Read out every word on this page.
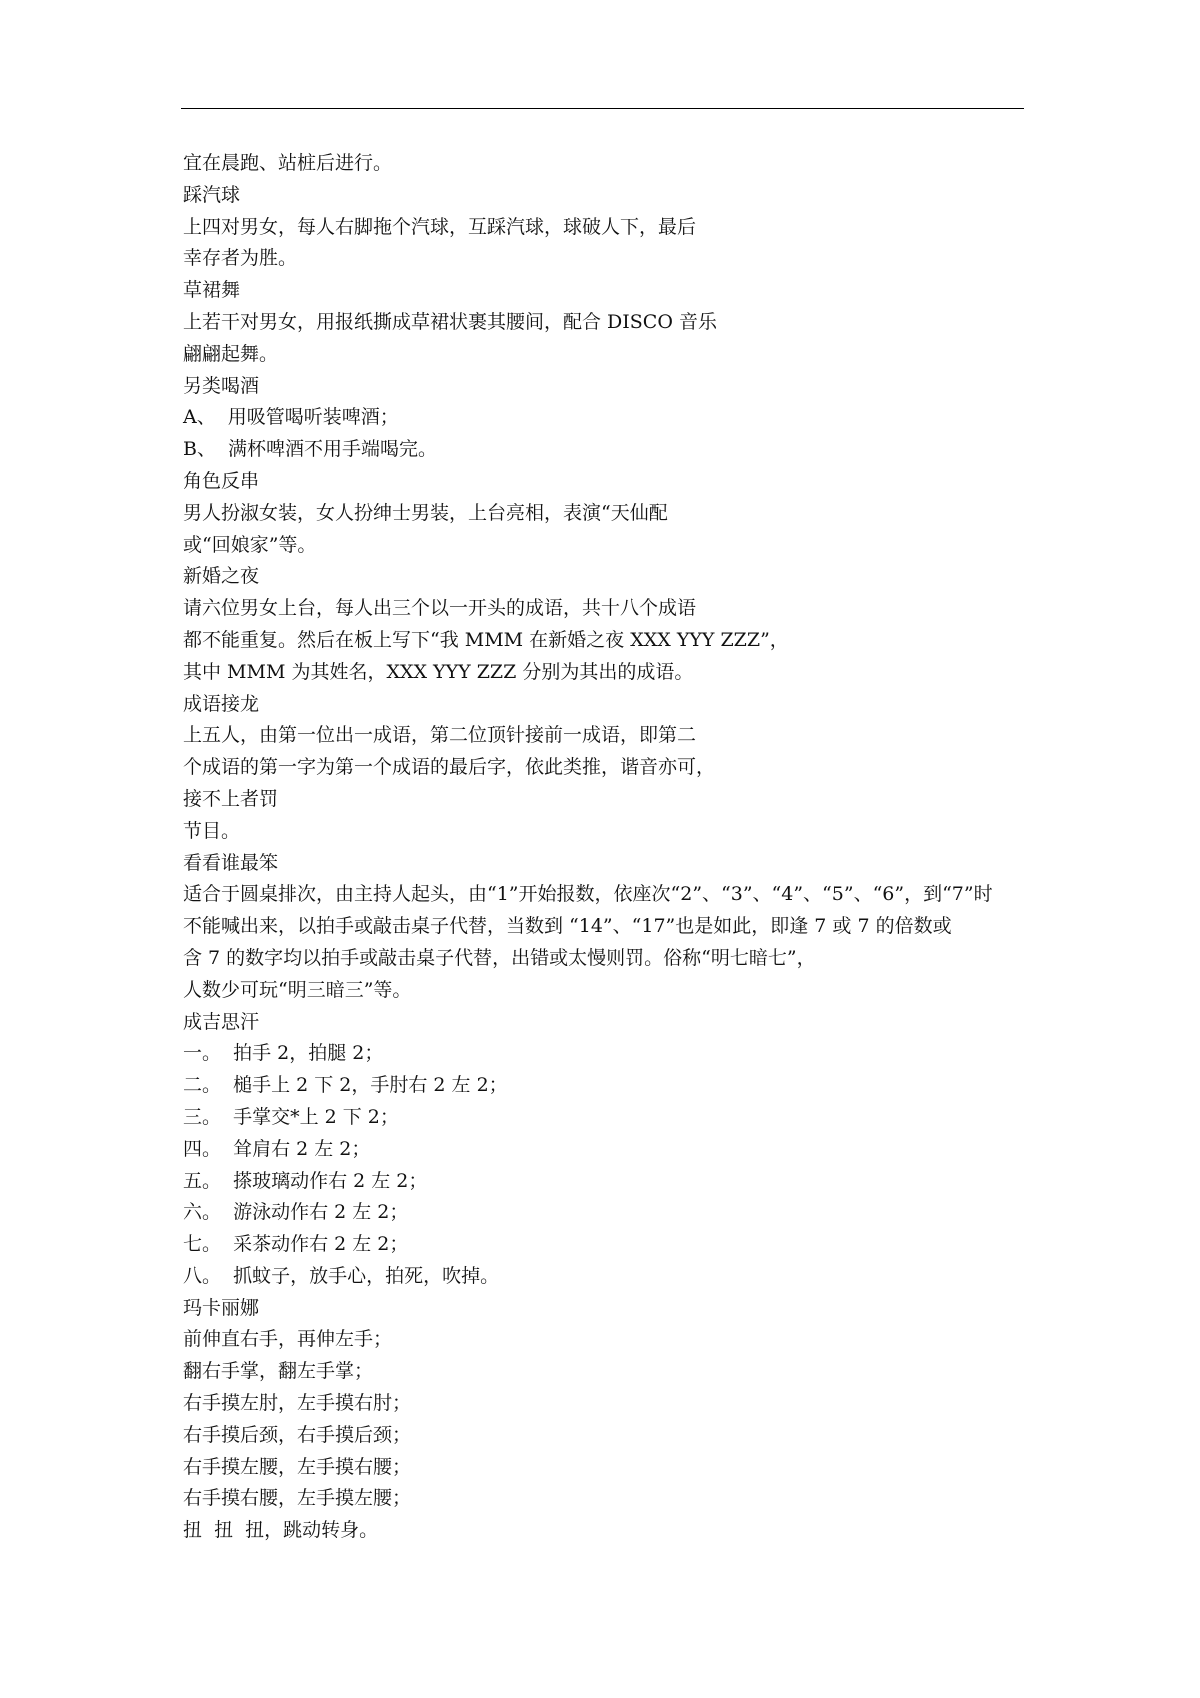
宜在晨跑、站桩后进行。
踩汽球
上四对男女，每人右脚拖个汽球，互踩汽球，球破人下，最后
幸存者为胜。
草裙舞
上若干对男女，用报纸撕成草裙状裹其腰间，配合 DISCO 音乐
翩翩起舞。
另类喝酒
A、  用吸管喝听装啤酒；
B、  满杯啤酒不用手端喝完。
角色反串
男人扮淑女装，女人扮绅士男装，上台亮相，表演“天仙配
或“回娘家”等。
新婚之夜
请六位男女上台，每人出三个以一开头的成语，共十八个成语
都不能重复。然后在板上写下“我 MMM 在新婚之夜 XXX YYY ZZZ”，
其中 MMM 为其姓名，XXX YYY ZZZ 分别为其出的成语。
成语接龙
上五人，由第一位出一成语，第二位顶针接前一成语，即第二
个成语的第一字为第一个成语的最后字，依此类推，谐音亦可，
接不上者罚
节目。
看看谁最笨
适合于圆桌排次，由主持人起头，由“1”开始报数，依座次“2”、“3”、“4”、“5”、“6”，到“7”时
不能喊出来，以拍手或敲击桌子代替，当数到 “14”、“17”也是如此，即逢 7 或 7 的倍数或
含 7 的数字均以拍手或敲击桌子代替，出错或太慢则罚。俗称“明七暗七”，
人数少可玩“明三暗三”等。
成吉思汗
一。  拍手 2，拍腿 2；
二。  槌手上 2 下 2，手肘右 2 左 2；
三。  手掌交*上 2 下 2；
四。  耸肩右 2 左 2；
五。  搽玻璃动作右 2 左 2；
六。  游泳动作右 2 左 2；
七。  采茶动作右 2 左 2；
八。  抓蚊子，放手心，拍死，吹掉。
玛卡丽娜
前伸直右手，再伸左手；
翻右手掌，翻左手掌；
右手摸左肘，左手摸右肘；
右手摸后颈，右手摸后颈；
右手摸左腰，左手摸右腰；
右手摸右腰，左手摸左腰；
扭  扭  扭，跳动转身。
